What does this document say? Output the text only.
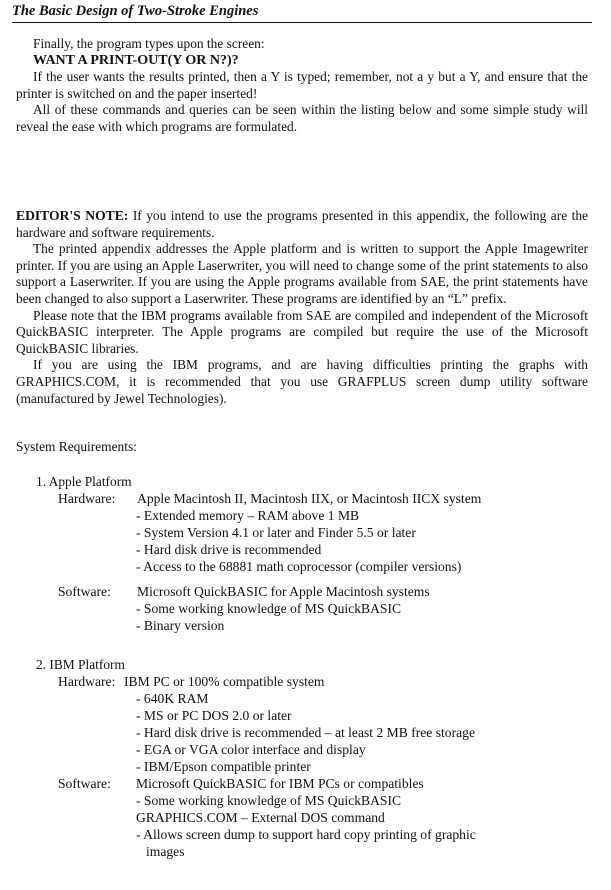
The Basic Design of Two-Stroke Engines

Finally, the program types upon the screen:

WANT A PRINT-OUT(Y OR N?)?

If the user wants the results printed, then a Y is typed; remember, not a y but a Y, and ensure that the printer is switched on and the paper inserted!

All of these commands and queries can be seen within the listing below and some simple study will reveal the ease with which programs are formulated.

EDITOR'S NOTE: If you intend to use the programs presented in this appendix, the following are the hardware and software requirements.

The printed appendix addresses the Apple platform and is written to support the Apple Imagewriter printer. If you are using an Apple Laserwriter, you will need to change some of the print statements to also support a Laserwriter. If you are using the Apple programs available from SAE, the print statements have been changed to also support a Laserwriter. These programs are identified by an “L” prefix.

Please note that the IBM programs available from SAE are compiled and independent of the Microsoft QuickBASIC interpreter. The Apple programs are compiled but require the use of the Microsoft QuickBASIC libraries.

If you are using the IBM programs, and are having difficulties printing the graphs with GRAPHICS.COM, it is recommended that you use GRAFPLUS screen dump utility software (manufactured by Jewel Technologies).

System Requirements:
1. Apple Platform
Hardware: Apple Macintosh II, Macintosh IIX, or Macintosh IICX system
- Extended memory – RAM above 1 MB
- System Version 4.1 or later and Finder 5.5 or later
- Hard disk drive is recommended
- Access to the 68881 math coprocessor (compiler versions)
Software: Microsoft QuickBASIC for Apple Macintosh systems
- Some working knowledge of MS QuickBASIC
- Binary version
2. IBM Platform
Hardware: IBM PC or 100% compatible system
- 640K RAM
- MS or PC DOS 2.0 or later
- Hard disk drive is recommended – at least 2 MB free storage
- EGA or VGA color interface and display
- IBM/Epson compatible printer
Software: Microsoft QuickBASIC for IBM PCs or compatibles
- Some working knowledge of MS QuickBASIC
GRAPHICS.COM – External DOS command
- Allows screen dump to support hard copy printing of graphic
images
